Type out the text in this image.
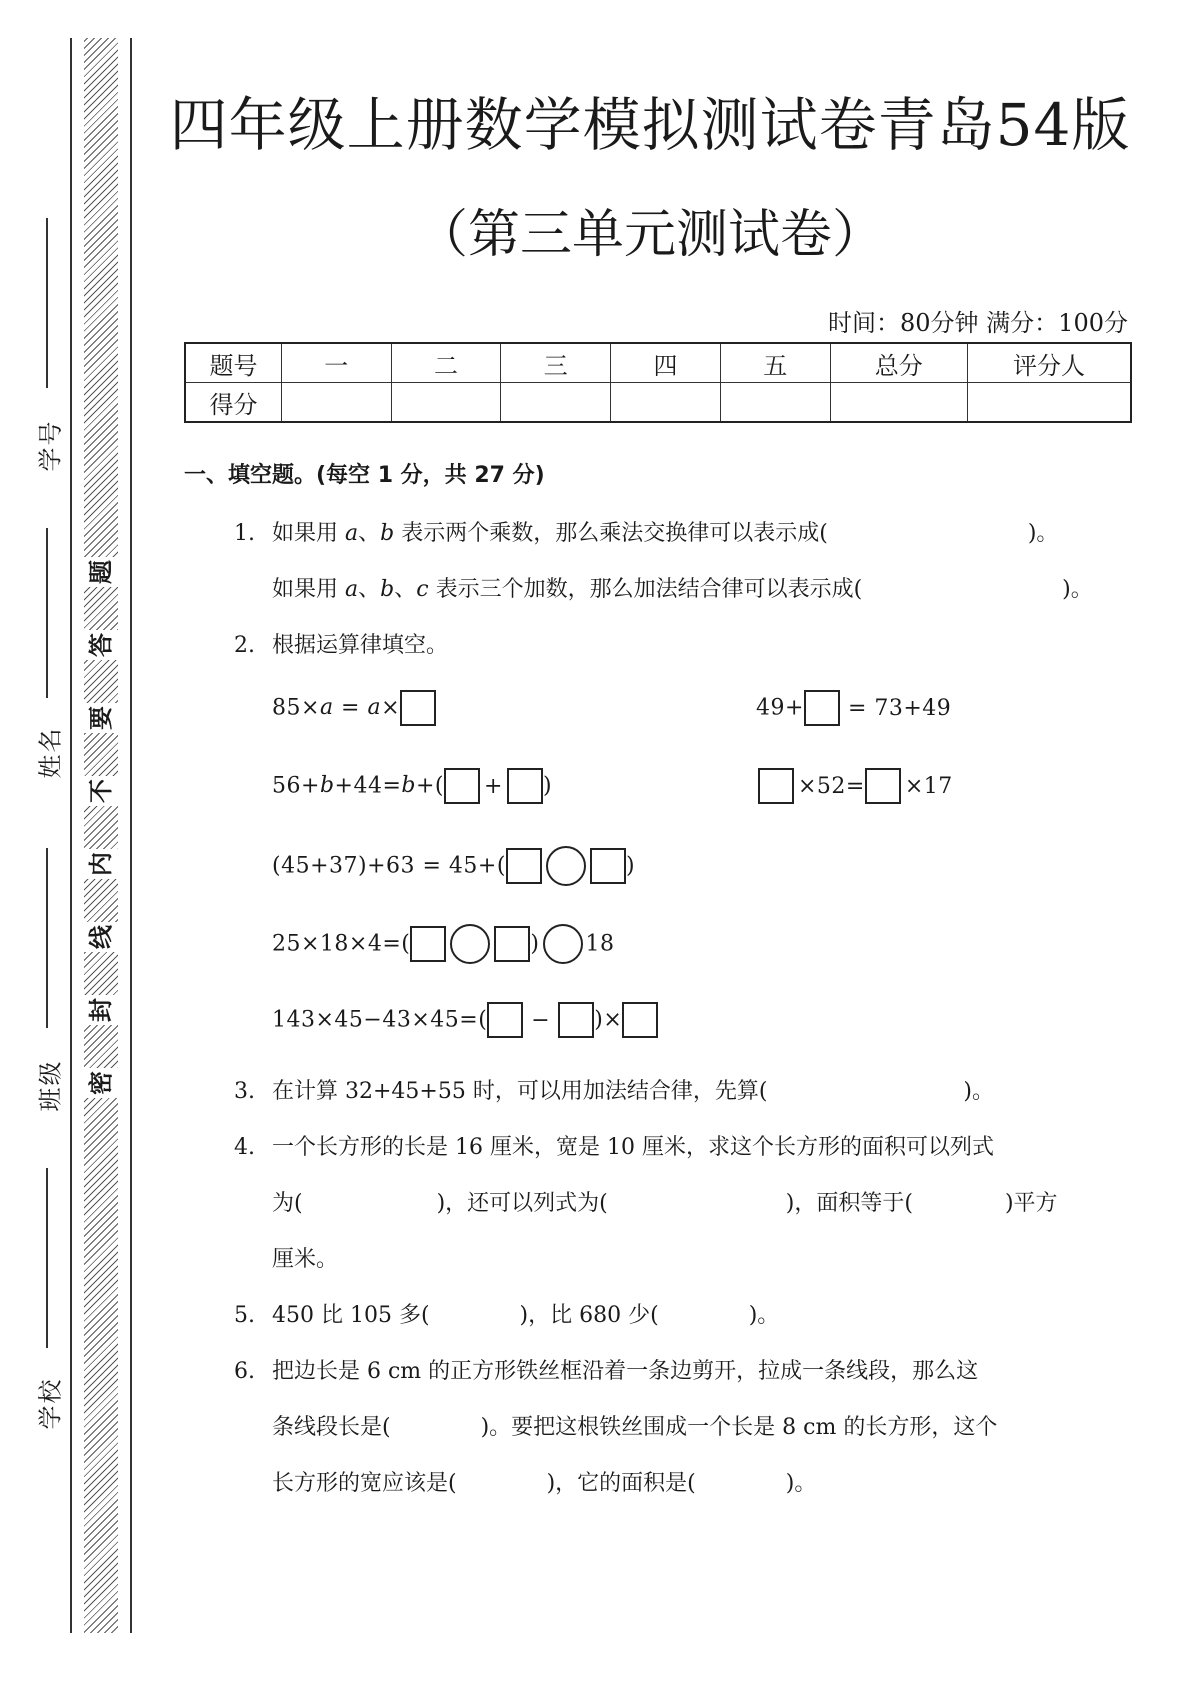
学号
姓名
班级
学校
密
封
线
内
不
要
答
题
四年级上册数学模拟测试卷青岛54版
（第三单元测试卷）
时间：80分钟 满分：100分
题号	一	二	三	四	五	总分	评分人
得分							
一、填空题。(每空 1 分，共 27 分)
1. 如果用 a、b 表示两个乘数，那么乘法交换律可以表示成(	)。
如果用 a、b、c 表示三个加数，那么加法结合律可以表示成(	)。
2. 根据运算律填空。
85×a = a×	49+ = 73+49
56+b+44=b+( + )	×52= ×17
(45+37)+63 = 45+(	)
25×18×4=(	) 18
143×45−43×45=( − )×
3. 在计算 32+45+55 时，可以用加法结合律，先算(	)。
4. 一个长方形的长是 16 厘米，宽是 10 厘米，求这个长方形的面积可以列式
为(	)，还可以列式为(	)，面积等于(	)平方
厘米。
5. 450 比 105 多(	)，比 680 少(	)。
6. 把边长是 6 cm 的正方形铁丝框沿着一条边剪开，拉成一条线段，那么这
条线段长是(	)。要把这根铁丝围成一个长是 8 cm 的长方形，这个
长方形的宽应该是(	)，它的面积是(	)。
